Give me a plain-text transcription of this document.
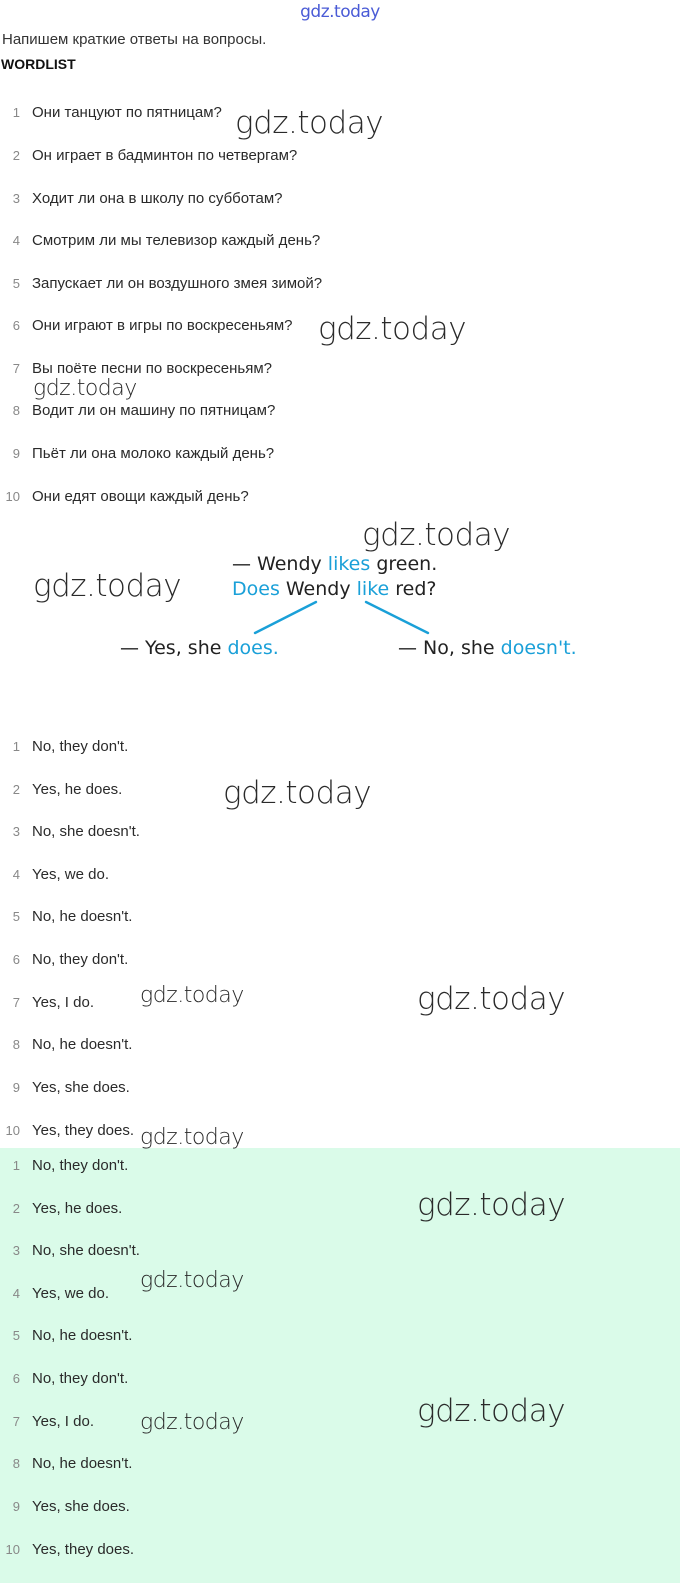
gdz.today
Напишем краткие ответы на вопросы.
WORDLIST
1 Они танцуют по пятницам?
2 Он играет в бадминтон по четвергам?
3 Ходит ли она в школу по субботам?
4 Смотрим ли мы телевизор каждый день?
5 Запускает ли он воздушного змея зимой?
6 Они играют в игры по воскресеньям?
7 Вы поёте песни по воскресеньям?
8 Водит ли он машину по пятницам?
9 Пьёт ли она молоко каждый день?
10 Они едят овощи каждый день?
— Wendy likes green.
Does Wendy like red?
— Yes, she does.	— No, she doesn't.
1 No, they don't.
2 Yes, he does.
3 No, she doesn't.
4 Yes, we do.
5 No, he doesn't.
6 No, they don't.
7 Yes, I do.
8 No, he doesn't.
9 Yes, she does.
10 Yes, they does.
1 No, they don't.
2 Yes, he does.
3 No, she doesn't.
4 Yes, we do.
5 No, he doesn't.
6 No, they don't.
7 Yes, I do.
8 No, he doesn't.
9 Yes, she does.
10 Yes, they does.
gdz.today
gdz.today
gdz.today
gdz.today
gdz.today
gdz.today
gdz.today	gdz.today
gdz.today
gdz.today
gdz.today
gdz.today
gdz.today
